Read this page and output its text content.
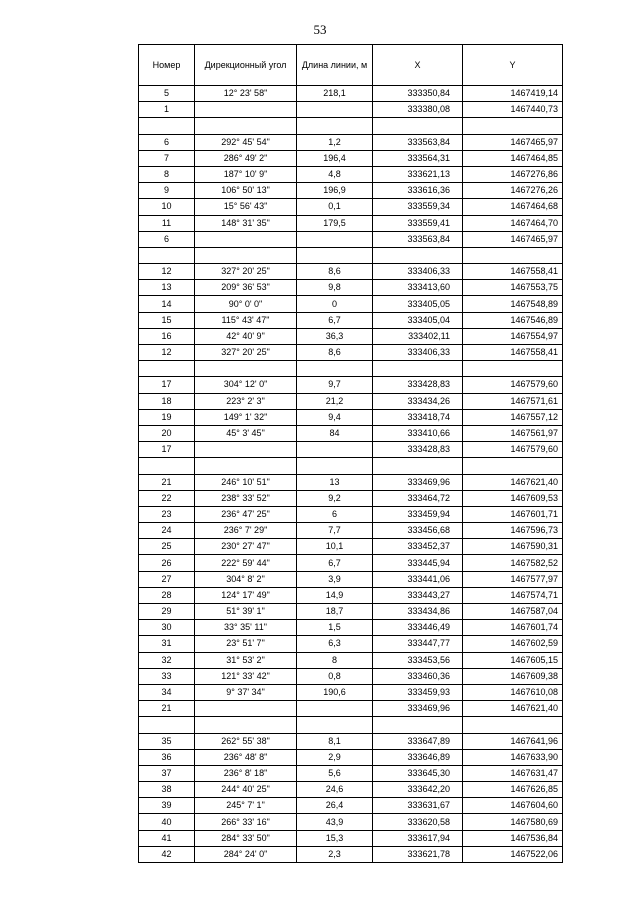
53
Номер	Дирекционный угол	Длина линии, м	X	Y
5	12° 23' 58"	218,1	333350,84	1467419,14
1			333380,08	1467440,73

6	292° 45' 54"	1,2	333563,84	1467465,97
7	286° 49' 2"	196,4	333564,31	1467464,85
8	187° 10' 9"	4,8	333621,13	1467276,86
9	106° 50' 13"	196,9	333616,36	1467276,26
10	15° 56' 43"	0,1	333559,34	1467464,68
11	148° 31' 35"	179,5	333559,41	1467464,70
6			333563,84	1467465,97

12	327° 20' 25"	8,6	333406,33	1467558,41
13	209° 36' 53"	9,8	333413,60	1467553,75
14	90° 0' 0"	0	333405,05	1467548,89
15	115° 43' 47"	6,7	333405,04	1467546,89
16	42° 40' 9"	36,3	333402,11	1467554,97
12	327° 20' 25"	8,6	333406,33	1467558,41

17	304° 12' 0"	9,7	333428,83	1467579,60
18	223° 2' 3"	21,2	333434,26	1467571,61
19	149° 1' 32"	9,4	333418,74	1467557,12
20	45° 3' 45"	84	333410,66	1467561,97
17			333428,83	1467579,60

21	246° 10' 51"	13	333469,96	1467621,40
22	238° 33' 52"	9,2	333464,72	1467609,53
23	236° 47' 25"	6	333459,94	1467601,71
24	236° 7' 29"	7,7	333456,68	1467596,73
25	230° 27' 47"	10,1	333452,37	1467590,31
26	222° 59' 44"	6,7	333445,94	1467582,52
27	304° 8' 2"	3,9	333441,06	1467577,97
28	124° 17' 49"	14,9	333443,27	1467574,71
29	51° 39' 1"	18,7	333434,86	1467587,04
30	33° 35' 11"	1,5	333446,49	1467601,74
31	23° 51' 7"	6,3	333447,77	1467602,59
32	31° 53' 2"	8	333453,56	1467605,15
33	121° 33' 42"	0,8	333460,36	1467609,38
34	9° 37' 34"	190,6	333459,93	1467610,08
21			333469,96	1467621,40

35	262° 55' 38"	8,1	333647,89	1467641,96
36	236° 48' 8"	2,9	333646,89	1467633,90
37	236° 8' 18"	5,6	333645,30	1467631,47
38	244° 40' 25"	24,6	333642,20	1467626,85
39	245° 7' 1"	26,4	333631,67	1467604,60
40	266° 33' 16"	43,9	333620,58	1467580,69
41	284° 33' 50"	15,3	333617,94	1467536,84
42	284° 24' 0"	2,3	333621,78	1467522,06
